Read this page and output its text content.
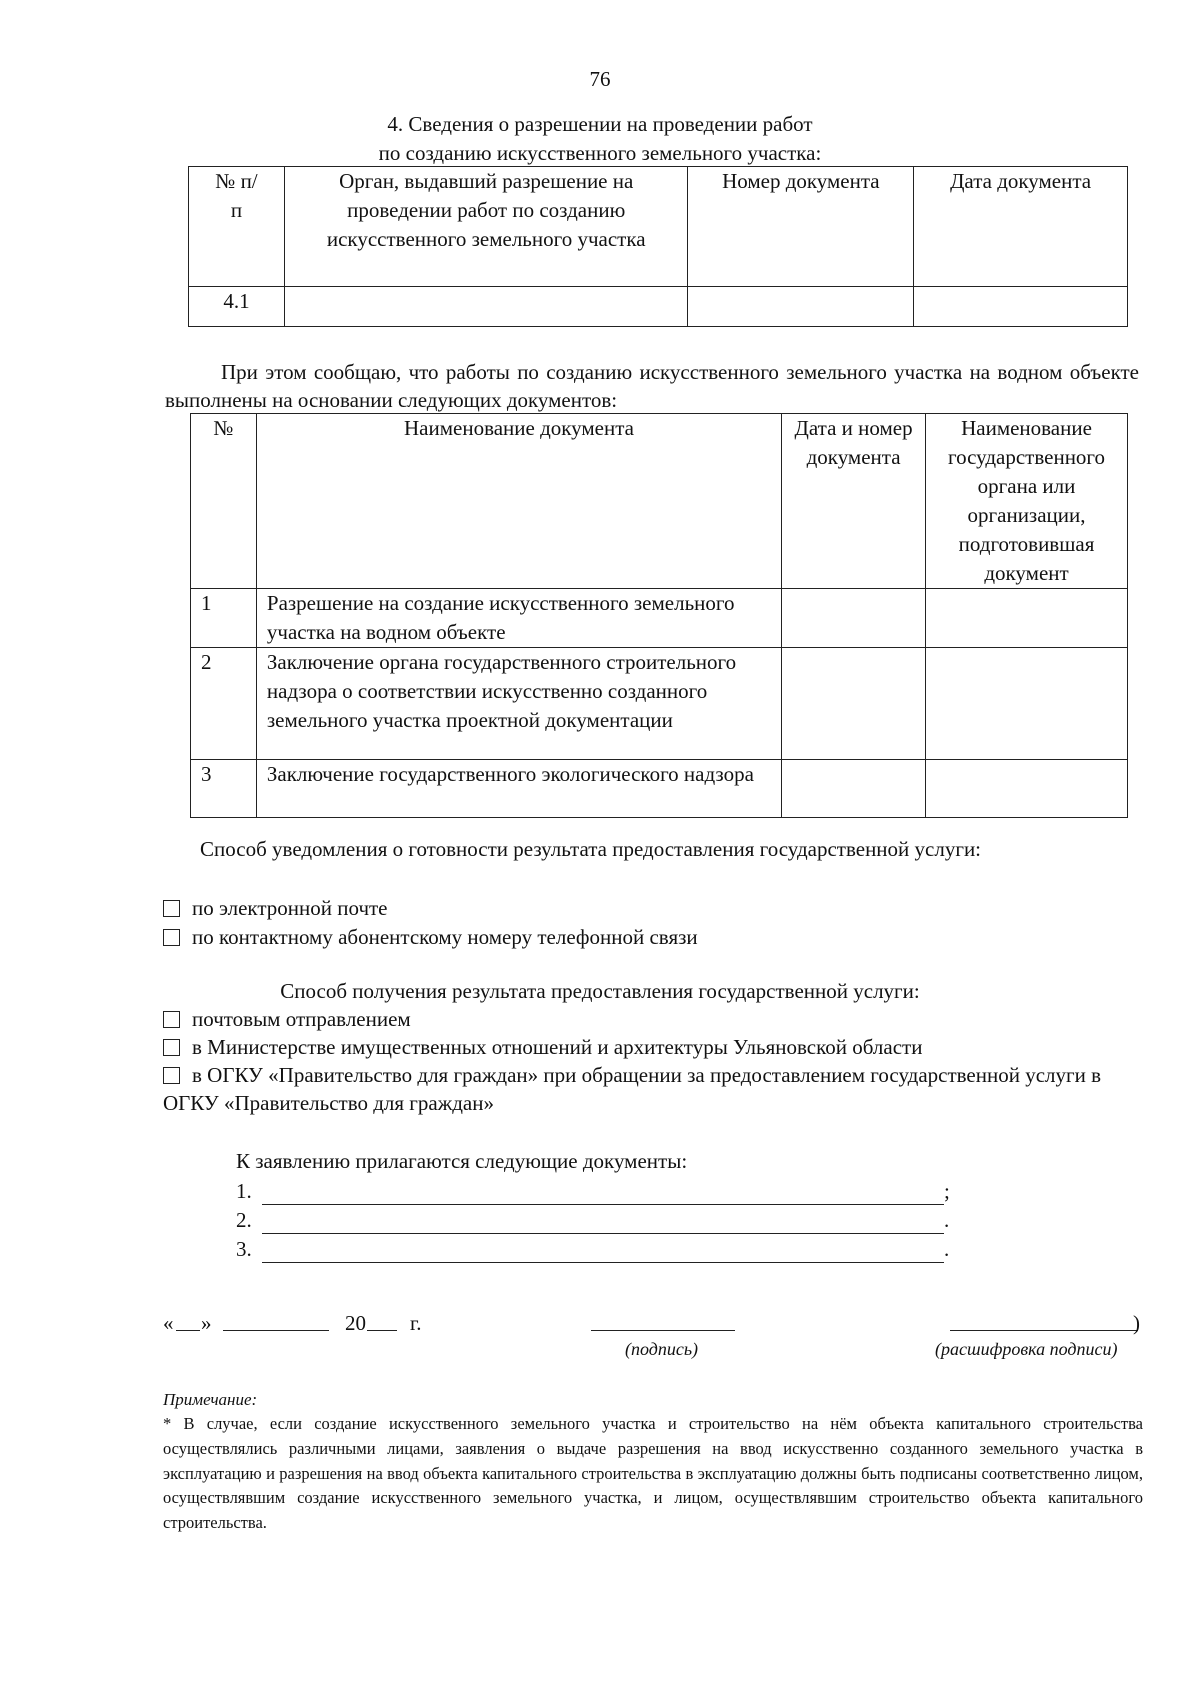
76
4. Сведения о разрешении на проведении работ
по созданию искусственного земельного участка:
№ п/п	Орган, выдавший разрешение на проведении работ по созданию искусственного земельного участка	Номер документа	Дата документа
4.1			
При этом сообщаю, что работы по созданию искусственного земельного участка на водном объекте выполнены на основании следующих документов:
№	Наименование документа	Дата и номер документа	Наименование государственного органа или организации, подготовившая документ
1	Разрешение на создание искусственного земельного участка на водном объекте		
2	Заключение органа государственного строительного надзора о соответствии искусственно созданного земельного участка проектной документации		
3	Заключение государственного экологического надзора		
Способ уведомления о готовности результата предоставления государственной услуги:
по электронной почте
по контактному абонентскому номеру телефонной связи
Способ получения результата предоставления государственной услуги:
почтовым отправлением
в Министерстве имущественных отношений и архитектуры Ульяновской области
в ОГКУ «Правительство для граждан» при обращении за предоставлением государственной услуги в ОГКУ «Правительство для граждан»
К заявлению прилагаются следующие документы:
1.	;
2.	.
3.	.
« »	20 г.	)
(подпись)	(расшифровка подписи)
Примечание:
* В случае, если создание искусственного земельного участка и строительство на нём объекта капитального строительства осуществлялись различными лицами, заявления о выдаче разрешения на ввод искусственно созданного земельного участка в эксплуатацию и разрешения на ввод объекта капитального строительства в эксплуатацию должны быть подписаны соответственно лицом, осуществлявшим создание искусственного земельного участка, и лицом, осуществлявшим строительство объекта капитального строительства.
